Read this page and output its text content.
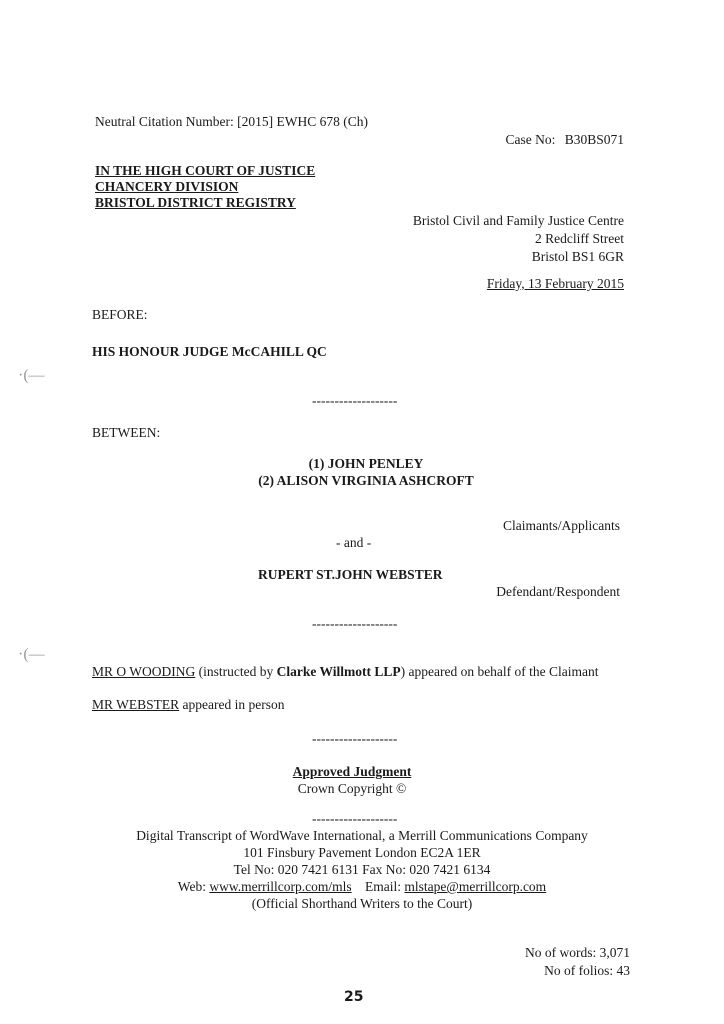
Neutral Citation Number: [2015] EWHC 678 (Ch)
Case No: B30BS071
IN THE HIGH COURT OF JUSTICE
CHANCERY DIVISION
BRISTOL DISTRICT REGISTRY
Bristol Civil and Family Justice Centre
2 Redcliff Street
Bristol BS1 6GR
Friday, 13 February 2015
BEFORE:
HIS HONOUR JUDGE McCAHILL QC
·(—
-------------------
BETWEEN:
(1) JOHN PENLEY
(2) ALISON VIRGINIA ASHCROFT
Claimants/Applicants
- and -
RUPERT ST.JOHN WEBSTER
Defendant/Respondent
-------------------
·(—
MR O WOODING (instructed by Clarke Willmott LLP) appeared on behalf of the Claimant
MR WEBSTER appeared in person
-------------------
Approved Judgment
Crown Copyright ©
-------------------
Digital Transcript of WordWave International, a Merrill Communications Company
101 Finsbury Pavement London EC2A 1ER
Tel No: 020 7421 6131 Fax No: 020 7421 6134
Web: www.merrillcorp.com/mls Email: mlstape@merrillcorp.com
(Official Shorthand Writers to the Court)
No of words: 3,071
No of folios: 43
25
